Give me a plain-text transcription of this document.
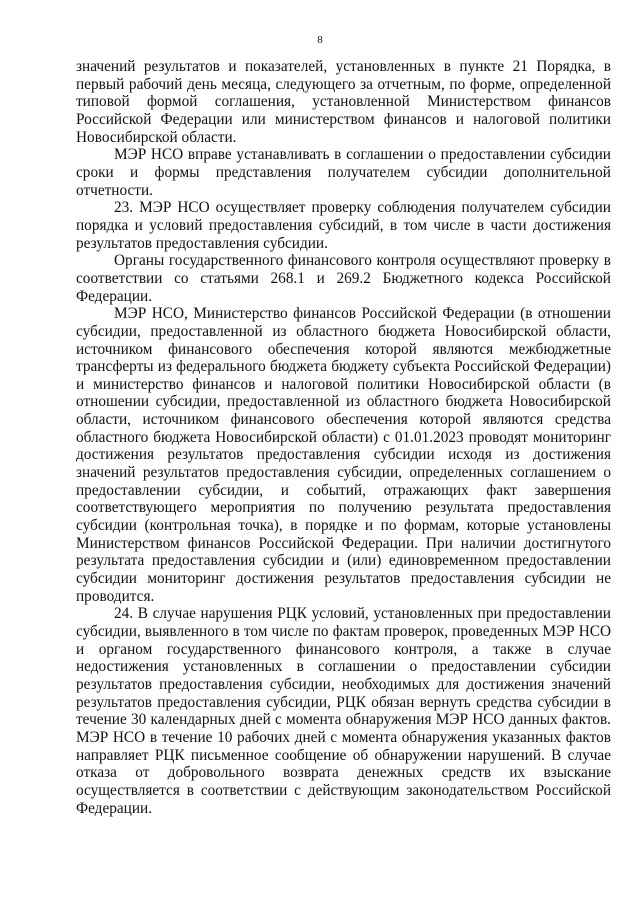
8

значений результатов и показателей, установленных в пункте 21 Порядка, в первый рабочий день месяца, следующего за отчетным, по форме, определенной типовой формой соглашения, установленной Министерством финансов Российской Федерации или министерством финансов и налоговой политики Новосибирской области.

МЭР НСО вправе устанавливать в соглашении о предоставлении субсидии сроки и формы представления получателем субсидии дополнительной отчетности.

23. МЭР НСО осуществляет проверку соблюдения получателем субсидии порядка и условий предоставления субсидий, в том числе в части достижения результатов предоставления субсидии.

Органы государственного финансового контроля осуществляют проверку в соответствии со статьями 268.1 и 269.2 Бюджетного кодекса Российской Федерации.

МЭР НСО, Министерство финансов Российской Федерации (в отношении субсидии, предоставленной из областного бюджета Новосибирской области, источником финансового обеспечения которой являются межбюджетные трансферты из федерального бюджета бюджету субъекта Российской Федерации) и министерство финансов и налоговой политики Новосибирской области (в отношении субсидии, предоставленной из областного бюджета Новосибирской области, источником финансового обеспечения которой являются средства областного бюджета Новосибирской области) с 01.01.2023 проводят мониторинг достижения результатов предоставления субсидии исходя из достижения значений результатов предоставления субсидии, определенных соглашением о предоставлении субсидии, и событий, отражающих факт завершения соответствующего мероприятия по получению результата предоставления субсидии (контрольная точка), в порядке и по формам, которые установлены Министерством финансов Российской Федерации. При наличии достигнутого результата предоставления субсидии и (или) единовременном предоставлении субсидии мониторинг достижения результатов предоставления субсидии не проводится.

24. В случае нарушения РЦК условий, установленных при предоставлении субсидии, выявленного в том числе по фактам проверок, проведенных МЭР НСО и органом государственного финансового контроля, а также в случае недостижения установленных в соглашении о предоставлении субсидии результатов предоставления субсидии, необходимых для достижения значений результатов предоставления субсидии, РЦК обязан вернуть средства субсидии в течение 30 календарных дней с момента обнаружения МЭР НСО данных фактов. МЭР НСО в течение 10 рабочих дней с момента обнаружения указанных фактов направляет РЦК письменное сообщение об обнаружении нарушений. В случае отказа от добровольного возврата денежных средств их взыскание осуществляется в соответствии с действующим законодательством Российской Федерации.
